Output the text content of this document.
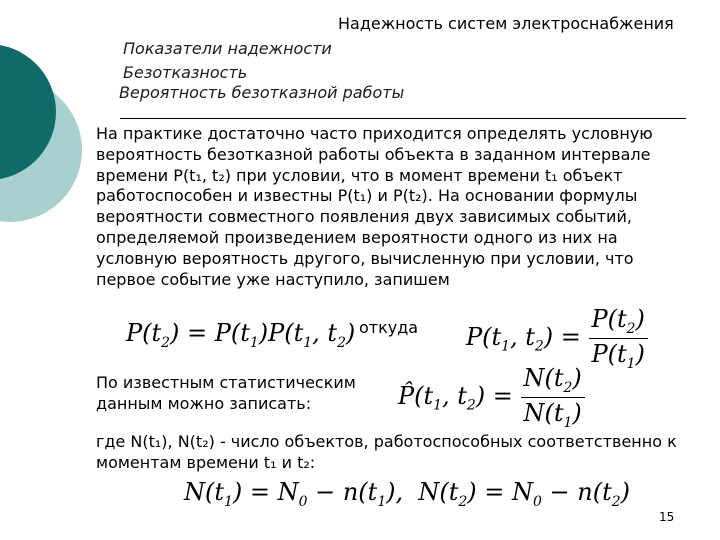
Надежность систем электроснабжения
Показатели надежности
Безотказность
Вероятность безотказной работы
На практике достаточно часто приходится определять условную вероятность безотказной работы объекта в заданном интервале времени P(t₁, t₂) при условии, что в момент времени t₁ объект работоспособен и известны P(t₁) и P(t₂). На основании формулы вероятности совместного появления двух зависимых событий, определяемой произведением вероятности одного из них на условную вероятность другого, вычисленную при условии, что первое событие уже наступило, запишем
$P(t_2) = P(t_1)P(t_1$, $t_2$) откуда $P(t_1$, $t_2) = \frac{P(t_2)}{P(t_1)}$
По известным статистическим данным можно записать:	$P̂(t_1$, $t_2) = \frac{N(t_2)}{N(t_1)}$
где N(t₁), N(t₂) - число объектов, работоспособных соответственно к моментам времени t₁ и t₂:
$N(t_1) = N_0 - n(t_1)$,  $N(t_2) = N_0 - n(t_2)$
15
